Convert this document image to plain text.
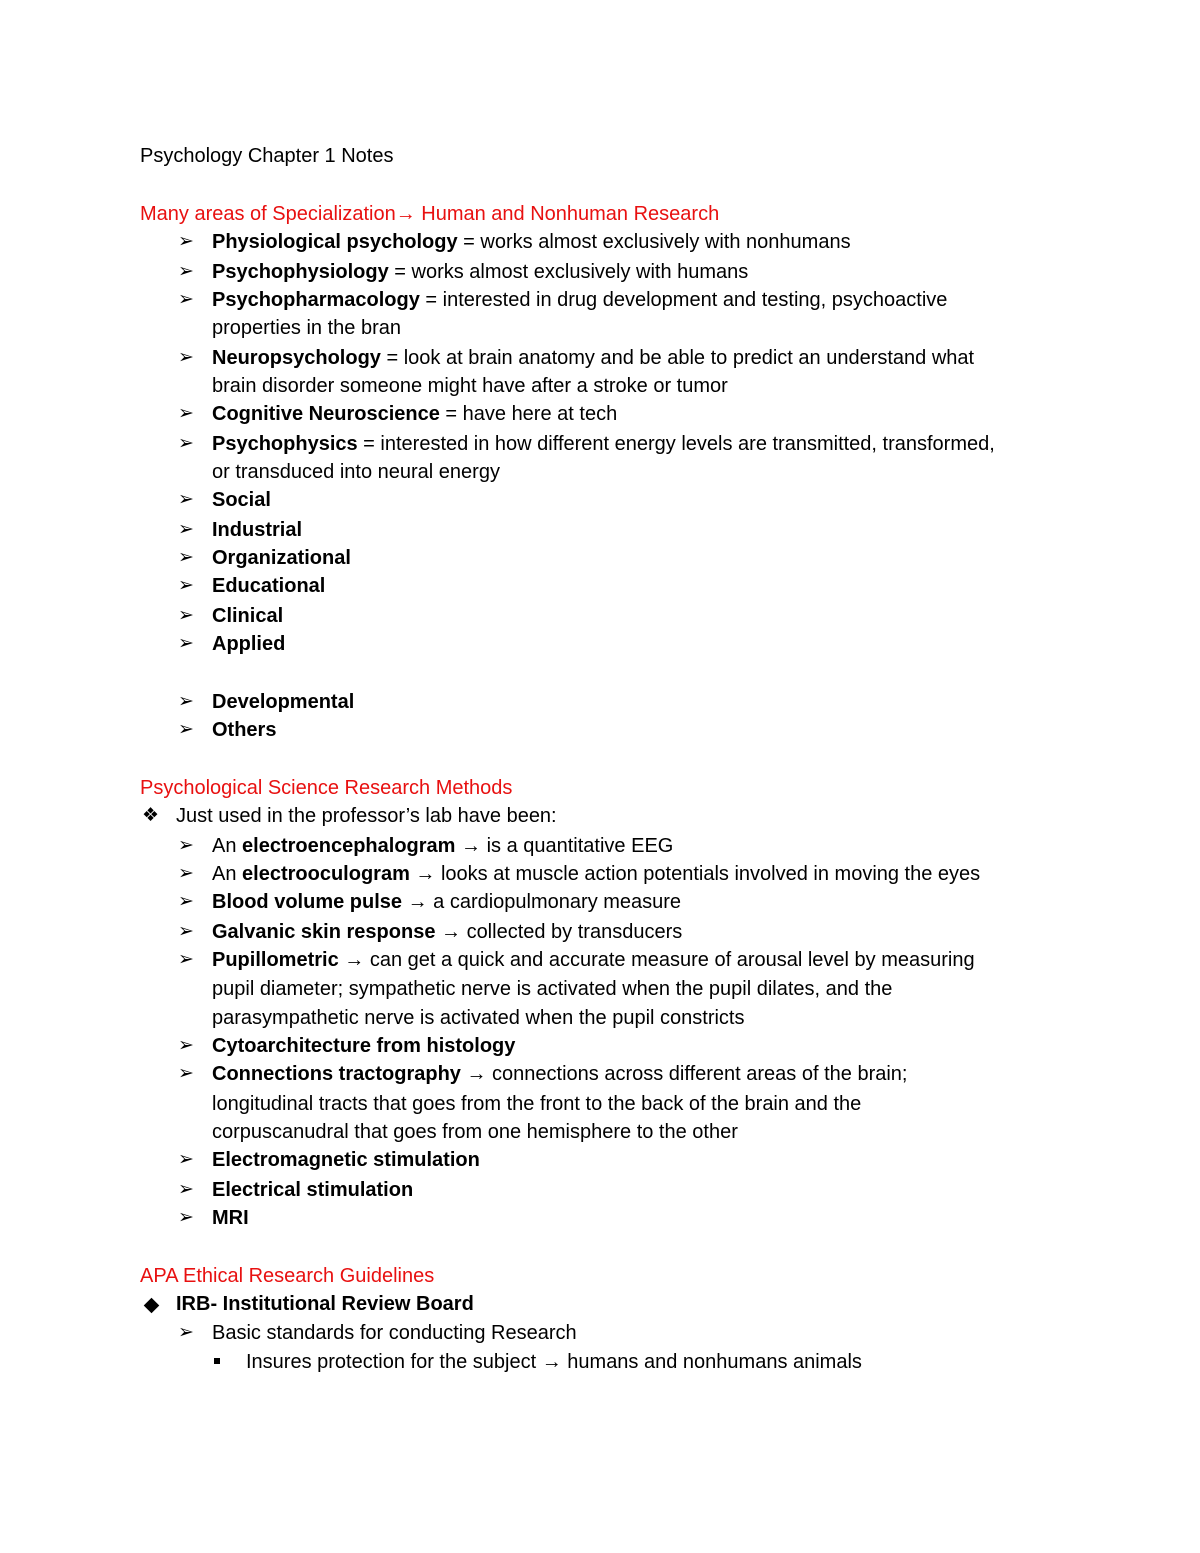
Psychology Chapter 1 Notes
Many areas of Specialization→ Human and Nonhuman Research
➢ Physiological psychology = works almost exclusively with nonhumans
➢ Psychophysiology = works almost exclusively with humans
➢ Psychopharmacology = interested in drug development and testing, psychoactive
properties in the bran
➢ Neuropsychology = look at brain anatomy and be able to predict an understand what
brain disorder someone might have after a stroke or tumor
➢ Cognitive Neuroscience = have here at tech
➢ Psychophysics = interested in how different energy levels are transmitted, transformed,
or transduced into neural energy
➢ Social
➢ Industrial
➢ Organizational
➢ Educational
➢ Clinical
➢ Applied
➢ Developmental
➢ Others
Psychological Science Research Methods
❖ Just used in the professor’s lab have been:
➢ An electroencephalogram → is a quantitative EEG
➢ An electrooculogram → looks at muscle action potentials involved in moving the eyes
➢ Blood volume pulse → a cardiopulmonary measure
➢ Galvanic skin response → collected by transducers
➢ Pupillometric → can get a quick and accurate measure of arousal level by measuring
pupil diameter; sympathetic nerve is activated when the pupil dilates, and the
parasympathetic nerve is activated when the pupil constricts
➢ Cytoarchitecture from histology
➢ Connections tractography → connections across different areas of the brain;
longitudinal tracts that goes from the front to the back of the brain and the
corpuscanudral that goes from one hemisphere to the other
➢ Electromagnetic stimulation
➢ Electrical stimulation
➢ MRI
APA Ethical Research Guidelines
IRB- Institutional Review Board
➢ Basic standards for conducting Research
Insures protection for the subject → humans and nonhumans animals
